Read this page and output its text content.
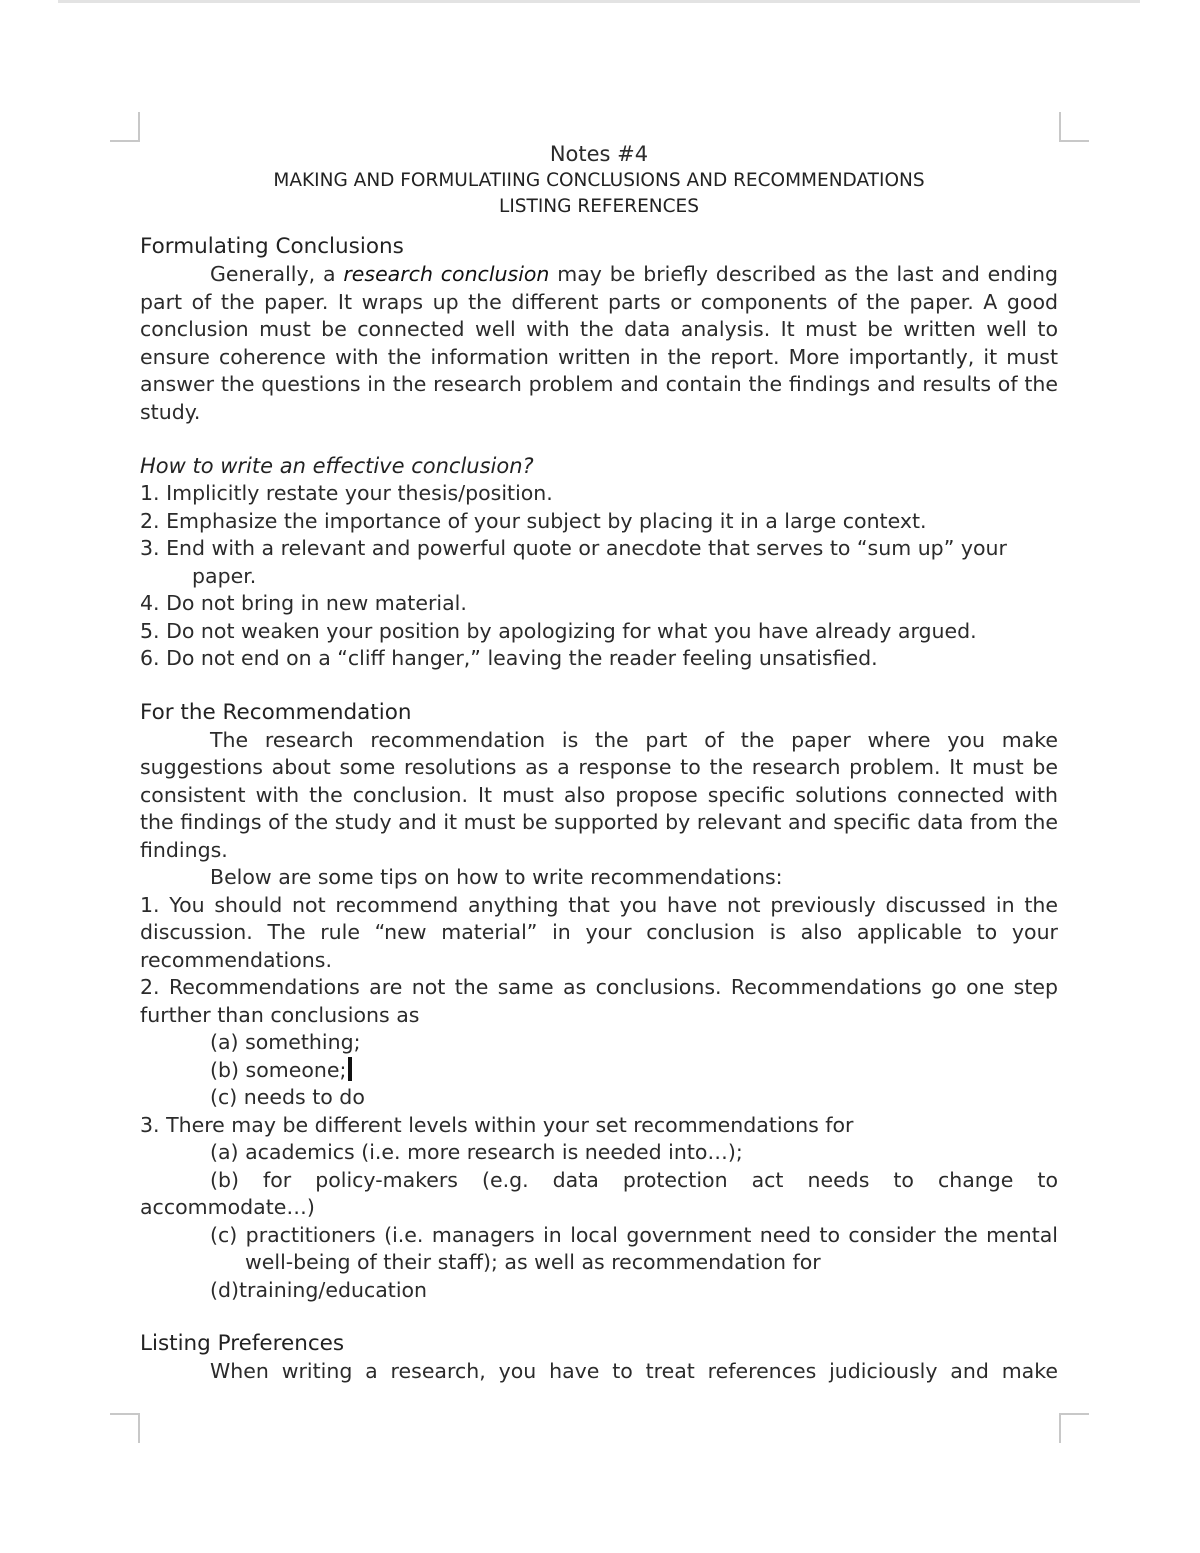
Notes #4
MAKING AND FORMULATIING CONCLUSIONS AND RECOMMENDATIONS
LISTING REFERENCES
Formulating Conclusions

Generally, a research conclusion may be briefly described as the last and ending part of the paper. It wraps up the different parts or components of the paper. A good conclusion must be connected well with the data analysis. It must be written well to ensure coherence with the information written in the report. More importantly, it must answer the questions in the research problem and contain the findings and results of the study.

How to write an effective conclusion?
1. Implicitly restate your thesis/position.
2. Emphasize the importance of your subject by placing it in a large context.
3. End with a relevant and powerful quote or anecdote that serves to “sum up” your
paper.
4. Do not bring in new material.
5. Do not weaken your position by apologizing for what you have already argued.
6. Do not end on a “cliff hanger,” leaving the reader feeling unsatisfied.
For the Recommendation

The research recommendation is the part of the paper where you make suggestions about some resolutions as a response to the research problem. It must be consistent with the conclusion. It must also propose specific solutions connected with the findings of the study and it must be supported by relevant and specific data from the findings.

Below are some tips on how to write recommendations:

1. You should not recommend anything that you have not previously discussed in the discussion. The rule “new material” in your conclusion is also applicable to your recommendations.

2. Recommendations are not the same as conclusions. Recommendations go one step further than conclusions as

(a) something;
(b) someone;
(c) needs to do

3. There may be different levels within your set recommendations for

(a) academics (i.e. more research is needed into…);

(b) for policy-makers (e.g. data protection act needs to change to accommodate…)

(c) practitioners (i.e. managers in local government need to consider the mental well-being of their staff); as well as recommendation for

(d)training/education
Listing Preferences

When writing a research, you have to treat references judiciously and make
